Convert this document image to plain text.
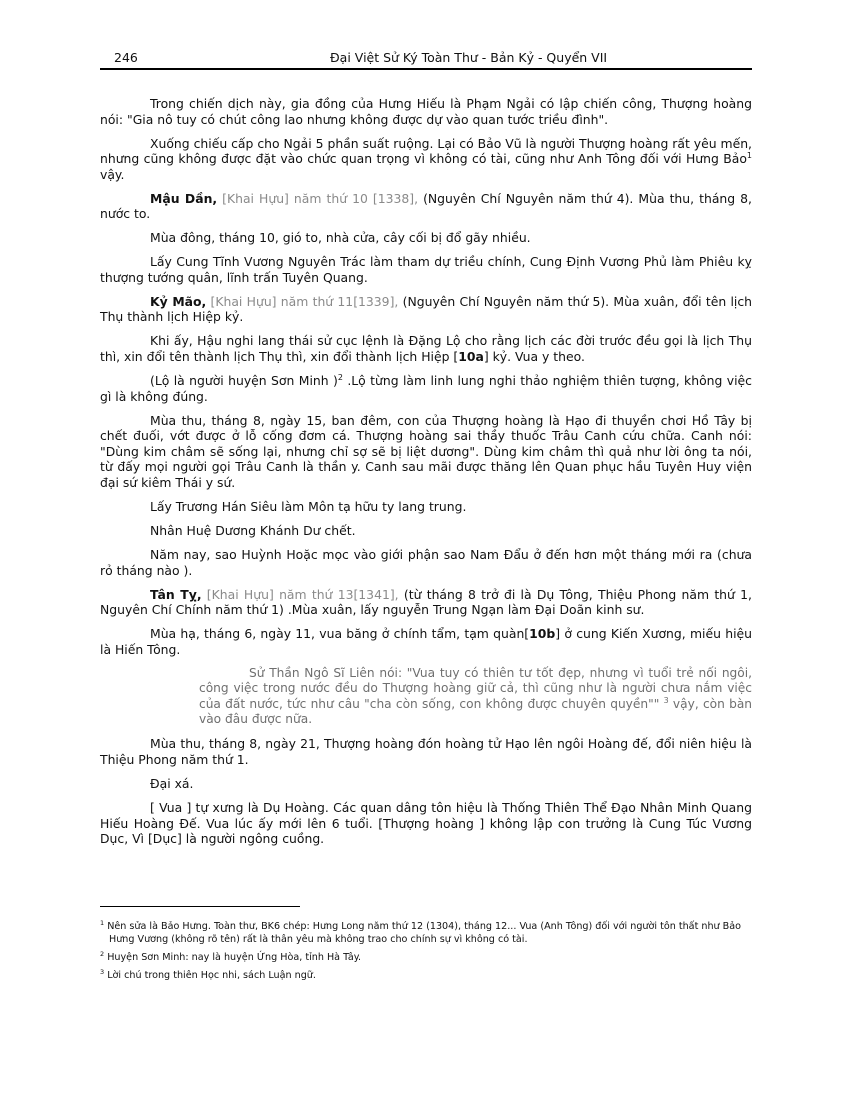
246	Đại Việt Sử Ký Toàn Thư - Bản Kỷ - Quyển VII

Trong chiến dịch này, gia đồng của Hưng Hiếu là Phạm Ngải có lập chiến công, Thượng hoàng nói: "Gia nô tuy có chút công lao nhưng không được dự vào quan tước triều đình".

Xuống chiếu cấp cho Ngải 5 phần suất ruộng. Lại có Bảo Vũ là người Thượng hoàng rất yêu mến, nhưng cũng không được đặt vào chức quan trọng vì không có tài, cũng như Anh Tông đối với Hưng Bảo$^1$ vậy.

Mậu Dần, [Khai Hựu] năm thứ 10 [1338], (Nguyên Chí Nguyên năm thứ 4). Mùa thu, tháng 8, nước to.

Mùa đông, tháng 10, gió to, nhà cửa, cây cối bị đổ gãy nhiều.

Lấy Cung Tĩnh Vương Nguyên Trác làm tham dự triều chính, Cung Định Vương Phủ làm Phiêu kỵ thượng tướng quân, lĩnh trấn Tuyên Quang.

Kỷ Mão, [Khai Hựu] năm thứ 11[1339], (Nguyên Chí Nguyên năm thứ 5). Mùa xuân, đổi tên lịch Thụ thành lịch Hiệp kỷ.

Khi ấy, Hậu nghi lang thái sử cục lệnh là Đặng Lộ cho rằng lịch các đời trước đều gọi là lịch Thụ thì, xin đổi tên thành lịch Thụ thì, xin đổi thành lịch Hiệp [10a] kỷ. Vua y theo.

(Lộ là người huyện Sơn Minh )$^2$ .Lộ từng làm linh lung nghi thảo nghiệm thiên tượng, không việc gì là không đúng.

Mùa thu, tháng 8, ngày 15, ban đêm, con của Thượng hoàng là Hạo đi thuyền chơi Hồ Tây bị chết đuối, vớt được ở lỗ cống đơm cá. Thượng hoàng sai thầy thuốc Trâu Canh cứu chữa. Canh nói: "Dùng kim châm sẽ sống lại, nhưng chỉ sợ sẽ bị liệt dương". Dùng kim châm thì quả như lời ông ta nói, từ đấy mọi người gọi Trâu Canh là thần y. Canh sau mãi được thăng lên Quan phục hầu Tuyên Huy viện đại sứ kiêm Thái y sứ.

Lấy Trương Hán Siêu làm Môn tạ hữu ty lang trung.

Nhân Huệ Dương Khánh Dư chết.

Năm nay, sao Huỳnh Hoặc mọc vào giới phận sao Nam Đẩu ở đến hơn một tháng mới ra (chưa rỏ tháng nào ).

Tân Tỵ, [Khai Hựu] năm thứ 13[1341], (từ tháng 8 trở đi là Dụ Tông, Thiệu Phong năm thứ 1, Nguyên Chí Chính năm thứ 1) .Mùa xuân, lấy nguyễn Trung Ngạn làm Đại Doãn kinh sư.

Mùa hạ, tháng 6, ngày 11, vua băng ở chính tẩm, tạm quàn[10b] ở cung Kiến Xương, miếu hiệu là Hiến Tông.

Sử Thần Ngô Sĩ Liên nói: "Vua tuy có thiên tư tốt đẹp, nhưng vì tuổi trẻ nối ngôi, công việc trong nước đều do Thượng hoàng giữ cả, thì cũng như là người chưa nắm việc của đất nước, tức như câu "cha còn sống, con không được chuyên quyền"" $^3$ vậy, còn bàn vào đâu được nữa.

Mùa thu, tháng 8, ngày 21, Thượng hoàng đón hoàng tử Hạo lên ngôi Hoàng đế, đổi niên hiệu là Thiệu Phong năm thứ 1.

Đại xá.

[ Vua ] tự xưng là Dụ Hoàng. Các quan dâng tôn hiệu là Thống Thiên Thể Đạo Nhân Minh Quang Hiếu Hoàng Đế. Vua lúc ấy mới lên 6 tuổi. [Thượng hoàng ] không lập con trưởng là Cung Túc Vương Dục, Vì [Dục] là người ngông cuồng.

$^1$ Nên sửa là Bảo Hưng. Toàn thư, BK6 chép: Hưng Long năm thứ 12 (1304), tháng 12... Vua (Anh Tông) đối với người tôn thất như Bảo Hưng Vương (không rõ tên) rất là thân yêu mà không trao cho chính sự vì không có tài.
$^2$ Huyện Sơn Minh: nay là huyện Ứng Hòa, tỉnh Hà Tây.
$^3$ Lời chú trong thiên Học nhi, sách Luận ngữ.
